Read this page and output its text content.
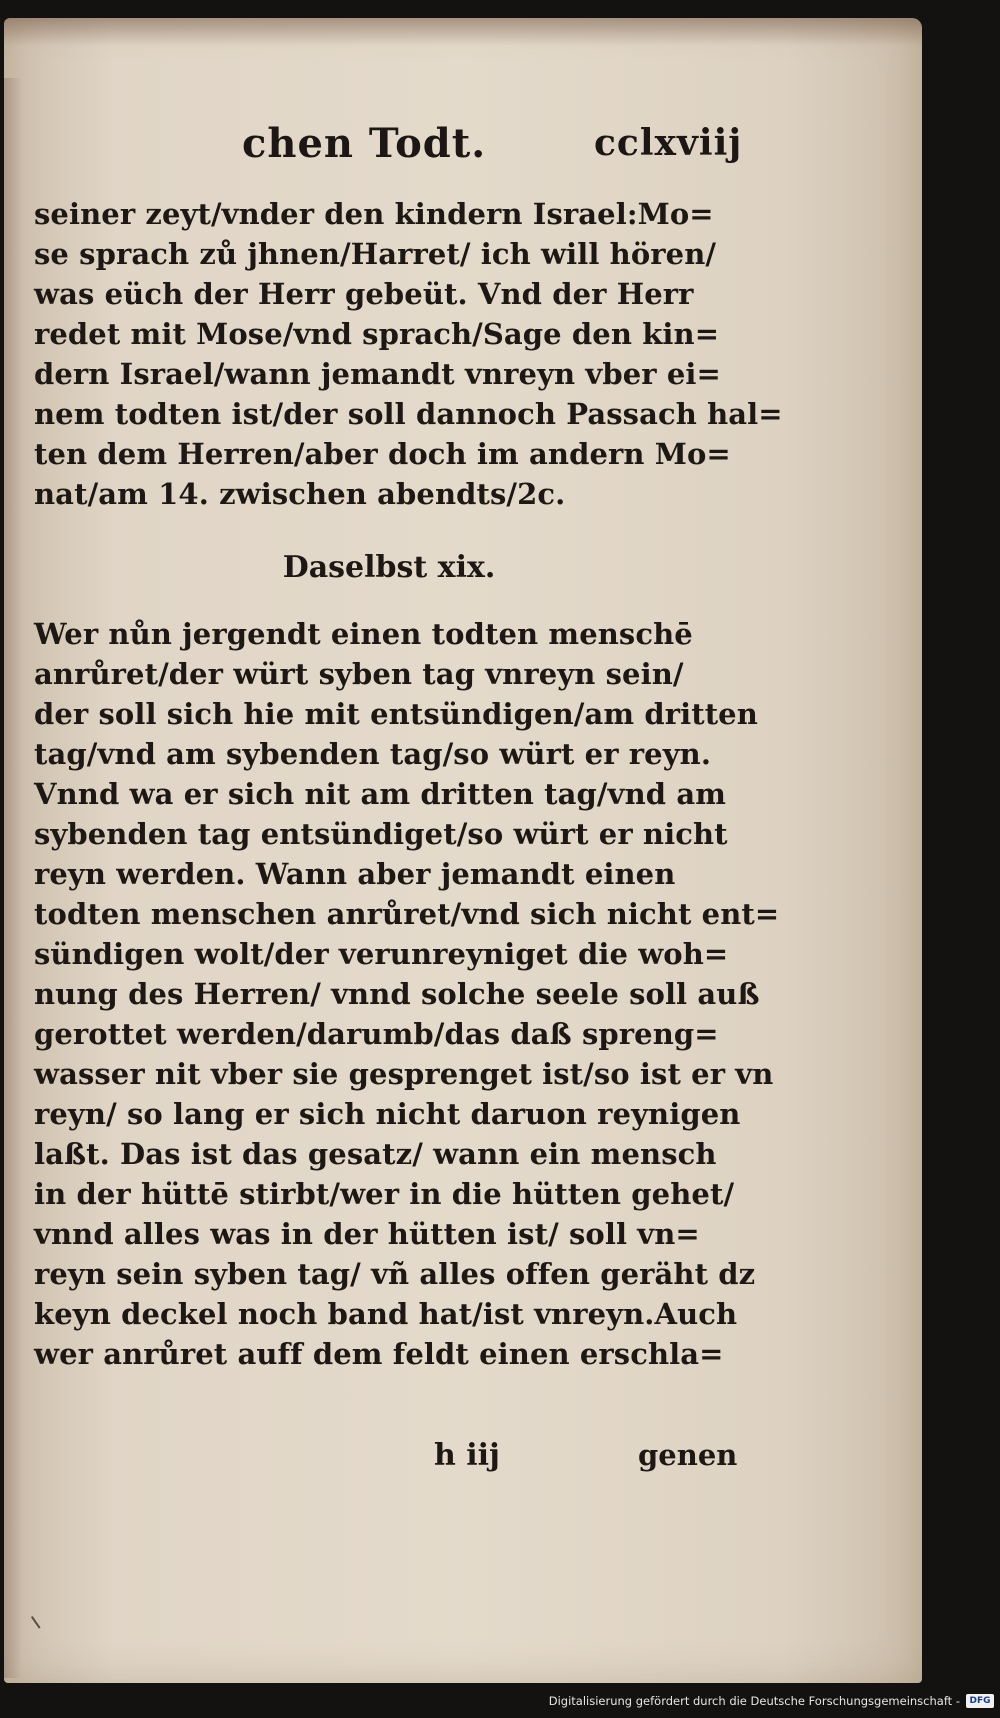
chen Todt.	cclxviij
seiner zeyt/vnder den kindern Israel:Mo=
se sprach zů jhnen/Harret/ ich will hören/
was eüch der Herr gebeüt. Vnd der Herr
redet mit Mose/vnd sprach/Sage den kin=
dern Israel/wann jemandt vnreyn vber ei=
nem todten ist/der soll dannoch Passach hal=
ten dem Herren/aber doch im andern Mo=
nat/am 14. zwischen abendts/2c.
Daselbst xix.
Wer nůn jergendt einen todten menschē
anrůret/der würt syben tag vnreyn sein/
der soll sich hie mit entsündigen/am dritten
tag/vnd am sybenden tag/so würt er reyn.
Vnnd wa er sich nit am dritten tag/vnd am
sybenden tag entsündiget/so würt er nicht
reyn werden. Wann aber jemandt einen
todten menschen anrůret/vnd sich nicht ent=
sündigen wolt/der verunreyniget die woh=
nung des Herren/ vnnd solche seele soll auß
gerottet werden/darumb/das daß spreng=
wasser nit vber sie gesprenget ist/so ist er vn
reyn/ so lang er sich nicht daruon reynigen
laßt. Das ist das gesatz/ wann ein mensch
in der hüttē stirbt/wer in die hütten gehet/
vnnd alles was in der hütten ist/ soll vn=
reyn sein syben tag/ vñ alles offen geräht dz
keyn deckel noch band hat/ist vnreyn.Auch
wer anrůret auff dem feldt einen erschla=
h iij	genen
Digitalisierung gefördert durch die Deutsche Forschungsgemeinschaft -	DFG
